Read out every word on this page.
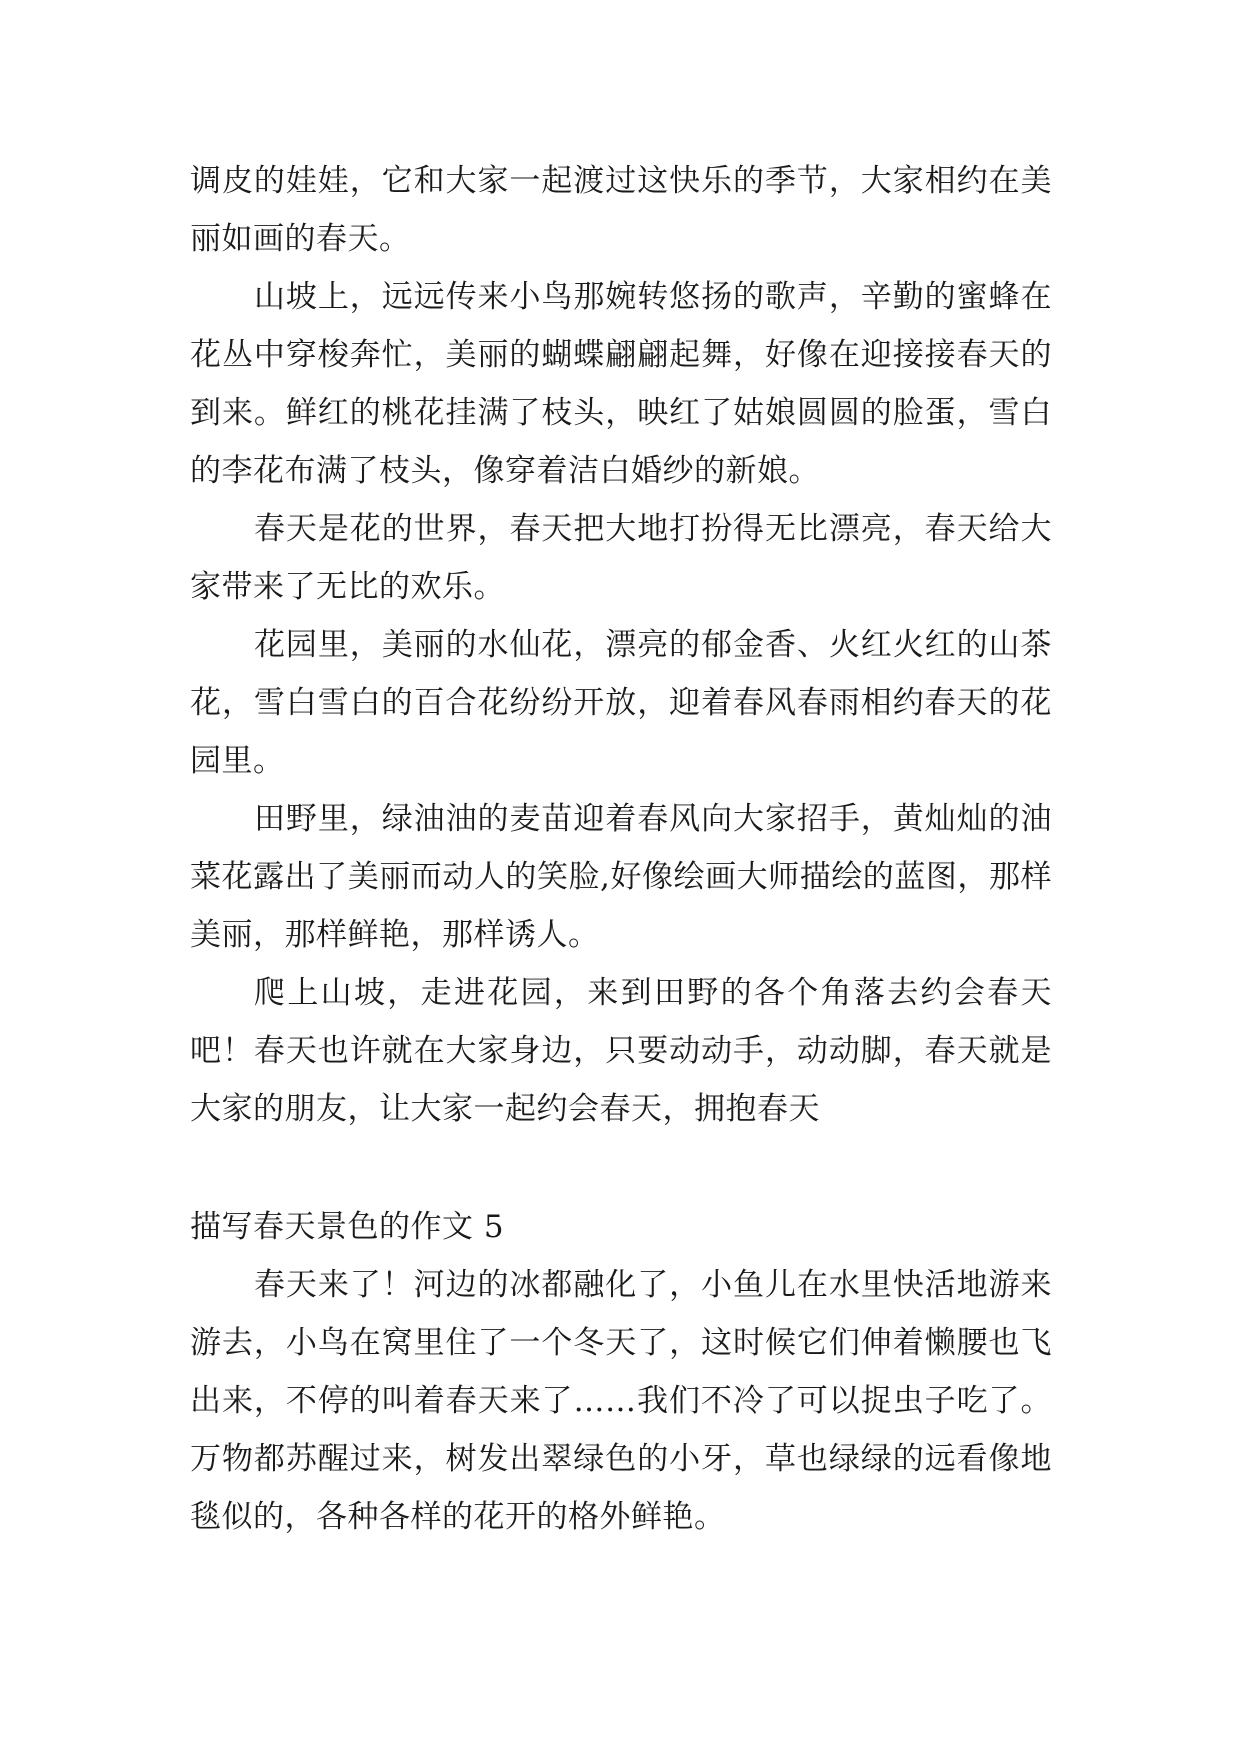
调皮的娃娃，它和大家一起渡过这快乐的季节，大家相约在美丽如画的春天。

山坡上，远远传来小鸟那婉转悠扬的歌声，辛勤的蜜蜂在花丛中穿梭奔忙，美丽的蝴蝶翩翩起舞，好像在迎接接春天的到来。鲜红的桃花挂满了枝头，映红了姑娘圆圆的脸蛋，雪白的李花布满了枝头，像穿着洁白婚纱的新娘。

春天是花的世界，春天把大地打扮得无比漂亮，春天给大家带来了无比的欢乐。

花园里，美丽的水仙花，漂亮的郁金香、火红火红的山茶花，雪白雪白的百合花纷纷开放，迎着春风春雨相约春天的花园里。

田野里，绿油油的麦苗迎着春风向大家招手，黄灿灿的油菜花露出了美丽而动人的笑脸,好像绘画大师描绘的蓝图，那样美丽，那样鲜艳，那样诱人。

爬上山坡，走进花园，来到田野的各个角落去约会春天吧！春天也许就在大家身边，只要动动手，动动脚，春天就是大家的朋友，让大家一起约会春天，拥抱春天

描写春天景色的作文 5

春天来了！河边的冰都融化了，小鱼儿在水里快活地游来游去，小鸟在窝里住了一个冬天了，这时候它们伸着懒腰也飞出来，不停的叫着春天来了……我们不冷了可以捉虫子吃了。万物都苏醒过来，树发出翠绿色的小牙，草也绿绿的远看像地毯似的，各种各样的花开的格外鲜艳。
